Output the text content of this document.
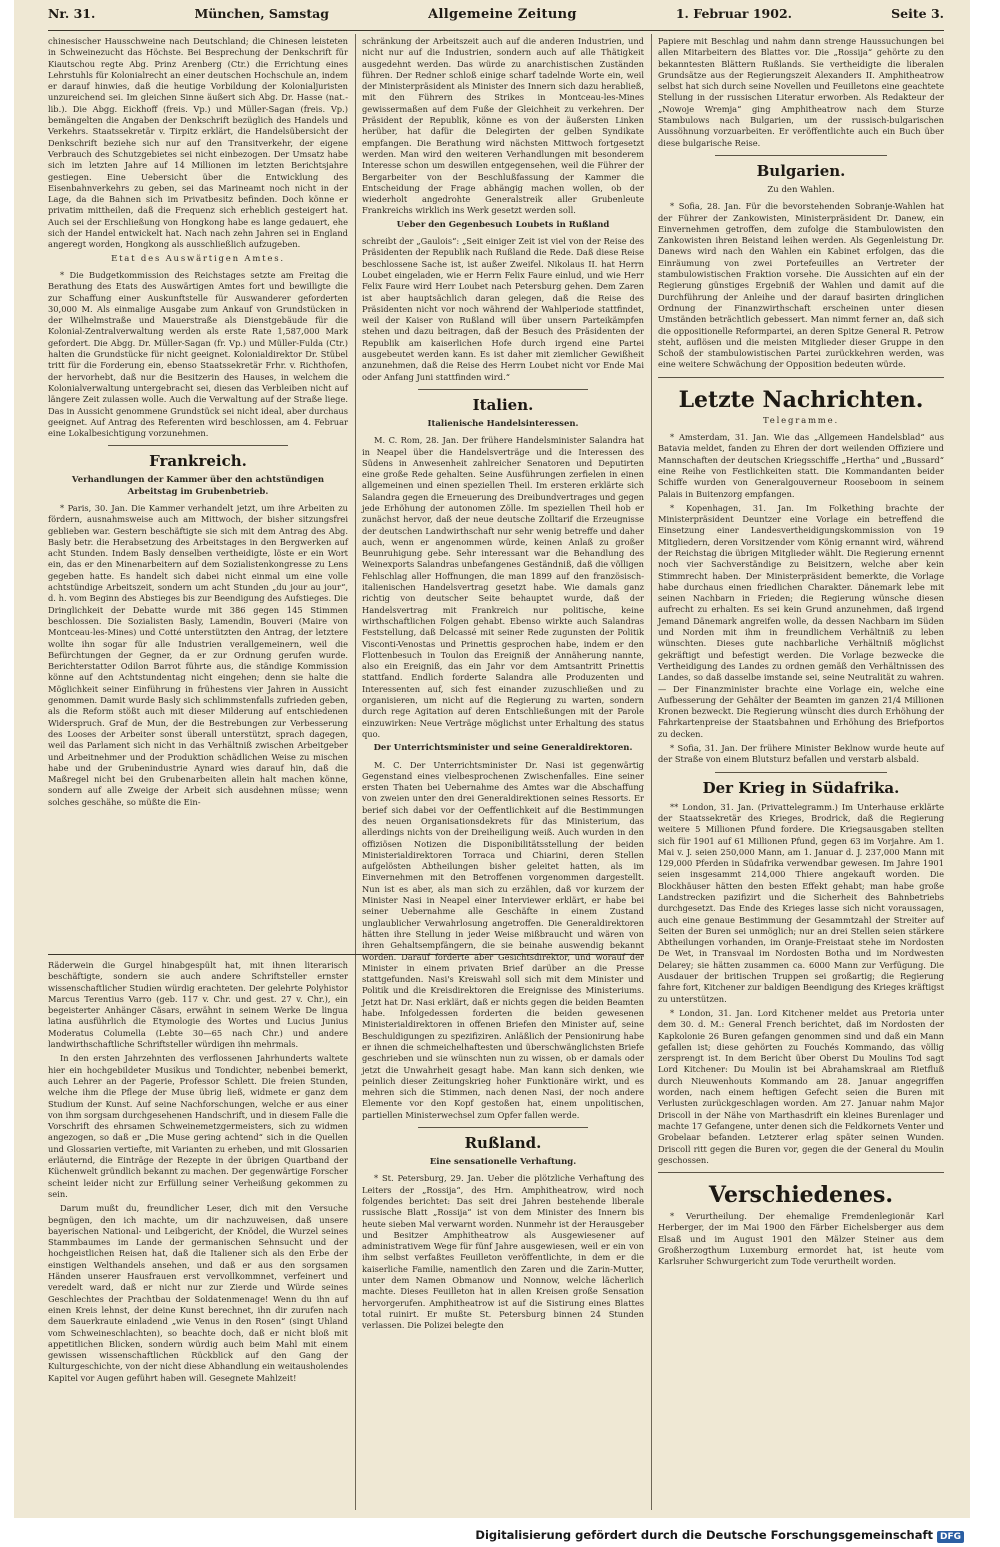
Nr. 31.	München, Samstag	Allgemeine Zeitung	1. Februar 1902.	Seite 3.

chinesischer Hausschweine nach Deutschland; die Chinesen leisteten in Schweinezucht das Höchste. Bei Besprechung der Denkschrift für Kiautschou regte Abg. Prinz Arenberg (Ctr.) die Errichtung eines Lehrstuhls für Kolonialrecht an einer deutschen Hochschule an, indem er darauf hinwies, daß die heutige Vorbildung der Kolonialjuristen unzureichend sei. Im gleichen Sinne äußert sich Abg. Dr. Hasse (nat.-lib.). Die Abgg. Eickhoff (freis. Vp.) und Müller-Sagan (freis. Vp.) bemängelten die Angaben der Denkschrift bezüglich des Handels und Verkehrs. Staatssekretär v. Tirpitz erklärt, die Handelsübersicht der Denkschrift beziehe sich nur auf den Transitverkehr, der eigene Verbrauch des Schutzgebietes sei nicht einbezogen. Der Umsatz habe sich im letzten Jahre auf 14 Millionen im letzten Berichtsjahre gestiegen. Eine Uebersicht über die Entwicklung des Eisenbahnverkehrs zu geben, sei das Marineamt noch nicht in der Lage, da die Bahnen sich im Privatbesitz befinden. Doch könne er privatim mittheilen, daß die Frequenz sich erheblich gesteigert hat. Auch sei der Erschließung von Hongkong habe es lange gedauert, ehe sich der Handel entwickelt hat. Nach nach zehn Jahren sei in England angeregt worden, Hongkong als ausschließlich aufzugeben.

Etat des Auswärtigen Amtes.

* Die Budgetkommission des Reichstages setzte am Freitag die Berathung des Etats des Auswärtigen Amtes fort und bewilligte die zur Schaffung einer Auskunftstelle für Auswanderer geforderten 30,000 M. Als einmalige Ausgabe zum Ankauf von Grundstücken in der Wilhelmstraße und Mauerstraße als Dienstgebäude für die Kolonial-Zentralverwaltung werden als erste Rate 1,587,000 Mark gefordert. Die Abgg. Dr. Müller-Sagan (fr. Vp.) und Müller-Fulda (Ctr.) halten die Grundstücke für nicht geeignet. Kolonialdirektor Dr. Stübel tritt für die Forderung ein, ebenso Staatssekretär Frhr. v. Richthofen, der hervorhebt, daß nur die Besitzerin des Hauses, in welchem die Kolonialverwaltung untergebracht sei, diesen das Verbleiben nicht auf längere Zeit zulassen wolle. Auch die Verwaltung auf der Straße liege. Das in Aussicht genommene Grundstück sei nicht ideal, aber durchaus geeignet. Auf Antrag des Referenten wird beschlossen, am 4. Februar eine Lokalbesichtigung vorzunehmen.

Frankreich.
Verhandlungen der Kammer über den achtstündigen Arbeitstag im Grubenbetrieb.

* Paris, 30. Jan. Die Kammer verhandelt jetzt, um ihre Arbeiten zu fördern, ausnahmsweise auch am Mittwoch, der bisher sitzungsfrei geblieben war. Gestern beschäftigte sie sich mit dem Antrag des Abg. Basly betr. die Herabsetzung des Arbeitstages in den Bergwerken auf acht Stunden. Indem Basly denselben vertheidigte, löste er ein Wort ein, das er den Minenarbeitern auf dem Sozialistenkongresse zu Lens gegeben hatte. Es handelt sich dabei nicht einmal um eine volle achtstündige Arbeitszeit, sondern um acht Stunden „du jour au jour“, d. h. vom Beginn des Abstieges bis zur Beendigung des Aufstieges. Die Dringlichkeit der Debatte wurde mit 386 gegen 145 Stimmen beschlossen. Die Sozialisten Basly, Lamendin, Bouveri (Maire von Montceau-les-Mines) und Cotté unterstützten den Antrag, der letztere wollte ihn sogar für alle Industrien verallgemeinern, weil die Befürchtungen der Gegner, da er zur Ordnung gerufen wurde. Berichterstatter Odilon Barrot führte aus, die ständige Kommission könne auf den Achtstundentag nicht eingehen; denn sie halte die Möglichkeit seiner Einführung in frühestens vier Jahren in Aussicht genommen. Damit wurde Basly sich schlimmstenfalls zufrieden geben, als die Reform stößt auch mit dieser Milderung auf entschiedenen Widerspruch. Graf de Mun, der die Bestrebungen zur Verbesserung des Looses der Arbeiter sonst überall unterstützt, sprach dagegen, weil das Parlament sich nicht in das Verhältniß zwischen Arbeitgeber und Arbeitnehmer und der Produktion schädlichen Weise zu mischen habe und der Grubenindustrie Aynard wies darauf hin, daß die Maßregel nicht bei den Grubenarbeiten allein halt machen könne, sondern auf alle Zweige der Arbeit sich ausdehnen müsse; wenn solches geschähe, so müßte die Ein-

schränkung der Arbeitszeit auch auf die anderen Industrien, und nicht nur auf die Industrien, sondern auch auf alle Thätigkeit ausgedehnt werden. Das würde zu anarchistischen Zuständen führen. Der Redner schloß einige scharf tadelnde Worte ein, weil der Ministerpräsident als Minister des Innern sich dazu herabließ, mit den Führern des Strikes in Montceau-les-Mines gewissermaßen auf dem Fuße der Gleichheit zu verkehren. Der Präsident der Republik, könne es von der äußersten Linken herüber, hat dafür die Delegirten der gelben Syndikate empfangen. Die Berathung wird nächsten Mittwoch fortgesetzt werden. Man wird den weiteren Verhandlungen mit besonderem Interesse schon um deswillen entgegensehen, weil die Führer der Bergarbeiter von der Beschlußfassung der Kammer die Entscheidung der Frage abhängig machen wollen, ob der wiederholt angedrohte Generalstreik aller Grubenleute Frankreichs wirklich ins Werk gesetzt werden soll.

Ueber den Gegenbesuch Loubets in Rußland

schreibt der „Gaulois“: „Seit einiger Zeit ist viel von der Reise des Präsidenten der Republik nach Rußland die Rede. Daß diese Reise beschlossene Sache ist, ist außer Zweifel. Nikolaus II. hat Herrn Loubet eingeladen, wie er Herrn Felix Faure einlud, und wie Herr Felix Faure wird Herr Loubet nach Petersburg gehen. Dem Zaren ist aber hauptsächlich daran gelegen, daß die Reise des Präsidenten nicht vor noch während der Wahlperiode stattfindet, weil der Kaiser von Rußland will über unsern Parteikämpfen stehen und dazu beitragen, daß der Besuch des Präsidenten der Republik am kaiserlichen Hofe durch irgend eine Partei ausgebeutet werden kann. Es ist daher mit ziemlicher Gewißheit anzunehmen, daß die Reise des Herrn Loubet nicht vor Ende Mai oder Anfang Juni stattfinden wird.“

Italien.
Italienische Handelsinteressen.

M. C. Rom, 28. Jan. Der frühere Handelsminister Salandra hat in Neapel über die Handelsverträge und die Interessen des Südens in Anwesenheit zahlreicher Senatoren und Deputirten eine große Rede gehalten. Seine Ausführungen zerfielen in einen allgemeinen und einen speziellen Theil. Im ersteren erklärte sich Salandra gegen die Erneuerung des Dreibundvertrages und gegen jede Erhöhung der autonomen Zölle. Im speziellen Theil hob er zunächst hervor, daß der neue deutsche Zolltarif die Erzeugnisse der deutschen Landwirthschaft nur sehr wenig betreffe und daher auch, wenn er angenommen würde, keinen Anlaß zu großer Beunruhigung gebe. Sehr interessant war die Behandlung des Weinexports Salandras unbefangenes Geständniß, daß die völligen Fehlschlag aller Hoffnungen, die man 1899 auf den französisch-italienischen Handelsvertrag gesetzt habe. Wie damals ganz richtig von deutscher Seite behauptet wurde, daß der Handelsvertrag mit Frankreich nur politische, keine wirthschaftlichen Folgen gehabt. Ebenso wirkte auch Salandras Feststellung, daß Delcassé mit seiner Rede zugunsten der Politik Visconti-Venostas und Prinettis gesprochen habe, indem er den Flottenbesuch in Toulon das Ereigniß der Annäherung nannte, also ein Ereigniß, das ein Jahr vor dem Amtsantritt Prinettis stattfand. Endlich forderte Salandra alle Produzenten und Interessenten auf, sich fest einander zuzuschließen und zu organisieren, um nicht auf die Regierung zu warten, sondern durch rege Agitation auf deren Entschließungen mit der Parole einzuwirken: Neue Verträge möglichst unter Erhaltung des status quo.

Der Unterrichtsminister und seine Generaldirektoren.

M. C. Der Unterrichtsminister Dr. Nasi ist gegenwärtig Gegenstand eines vielbesprochenen Zwischenfalles. Eine seiner ersten Thaten bei Uebernahme des Amtes war die Abschaffung von zweien unter den drei Generaldirektionen seines Ressorts. Er berief sich dabei vor der Oeffentlichkeit auf die Bestimmungen des neuen Organisationsdekrets für das Ministerium, das allerdings nichts von der Dreiheiligung weiß. Auch wurden in den offiziösen Notizen die Disponibilitätsstellung der beiden Ministerialdirektoren Torraca und Chiarini, deren Stellen aufgelösten Abtheilungen bisher geleitet hatten, als im Einvernehmen mit den Betroffenen vorgenommen dargestellt. Nun ist es aber, als man sich zu erzählen, daß vor kurzem der Minister Nasi in Neapel einer Interviewer erklärt, er habe bei seiner Uebernahme alle Geschäfte in einem Zustand unglaublicher Verwahrlosung angetroffen. Die Generaldirektoren hätten ihre Stellung in jeder Weise mißbraucht und wären von ihren Gehaltsempfängern, die sie beinahe auswendig bekannt worden. Darauf forderte aber Gesichtsdirektor, und worauf der Minister in einem privaten Brief darüber an die Presse stattgefunden. Nasi's Kreiswahl soll sich mit dem Minister und Politik und die Kreisdirektoren die Ereignisse des Ministeriums. Jetzt hat Dr. Nasi erklärt, daß er nichts gegen die beiden Beamten habe. Infolgedessen forderten die beiden gewesenen Ministerialdirektoren in offenen Briefen den Minister auf, seine Beschuldigungen zu spezifiziren. Anläßlich der Pensionirung habe er ihnen die schmeichelhaftesten und überschwänglichsten Briefe geschrieben und sie wünschten nun zu wissen, ob er damals oder jetzt die Unwahrheit gesagt habe. Man kann sich denken, wie peinlich dieser Zeitungskrieg hoher Funktionäre wirkt, und es mehren sich die Stimmen, nach denen Nasi, der noch andere Elemente vor den Kopf gestoßen hat, einem unpolitischen, partiellen Ministerwechsel zum Opfer fallen werde.

Rußland.
Eine sensationelle Verhaftung.

* St. Petersburg, 29. Jan. Ueber die plötzliche Verhaftung des Leiters der „Rossija“, des Hrn. Amphitheatrow, wird noch folgendes berichtet: Das seit drei Jahren bestehende liberale russische Blatt „Rossija“ ist von dem Minister des Innern bis heute sieben Mal verwarnt worden. Nunmehr ist der Herausgeber und Besitzer Amphitheatrow als Ausgewiesener auf administrativem Wege für fünf Jahre ausgewiesen, weil er ein von ihm selbst verfaßtes Feuilleton veröffentlichte, in dem er die kaiserliche Familie, namentlich den Zaren und die Zarin-Mutter, unter dem Namen Obmanow und Nonnow, welche lächerlich machte. Dieses Feuilleton hat in allen Kreisen große Sensation hervorgerufen. Amphitheatrow ist auf die Sistirung eines Blattes total ruinirt. Er mußte St. Petersburg binnen 24 Stunden verlassen. Die Polizei belegte den

Papiere mit Beschlag und nahm dann strenge Haussuchungen bei allen Mitarbeitern des Blattes vor. Die „Rossija“ gehörte zu den bekanntesten Blättern Rußlands. Sie vertheidigte die liberalen Grundsätze aus der Regierungszeit Alexanders II. Amphitheatrow selbst hat sich durch seine Novellen und Feuilletons eine geachtete Stellung in der russischen Literatur erworben. Als Redakteur der „Nowoje Wremja“ ging Amphitheatrow nach dem Sturze Stambulows nach Bulgarien, um der russisch-bulgarischen Aussöhnung vorzuarbeiten. Er veröffentlichte auch ein Buch über diese bulgarische Reise.

Bulgarien.
Zu den Wahlen.

* Sofia, 28. Jan. Für die bevorstehenden Sobranje-Wahlen hat der Führer der Zankowisten, Ministerpräsident Dr. Danew, ein Einvernehmen getroffen, dem zufolge die Stambulowisten den Zankowisten ihren Beistand leihen werden. Als Gegenleistung Dr. Danews wird nach den Wahlen ein Kabinet erfolgen, das die Einräumung von zwei Portefeuilles an Vertreter der stambulowistischen Fraktion vorsehe. Die Aussichten auf ein der Regierung günstiges Ergebniß der Wahlen und damit auf die Durchführung der Anleihe und der darauf basirten dringlichen Ordnung der Finanzwirthschaft erscheinen unter diesen Umständen beträchtlich gebessert. Man nimmt ferner an, daß sich die oppositionelle Reformpartei, an deren Spitze General R. Petrow steht, auflösen und die meisten Mitglieder dieser Gruppe in den Schoß der stambulowistischen Partei zurückkehren werden, was eine weitere Schwächung der Opposition bedeuten würde.

Letzte Nachrichten.
Telegramme.

* Amsterdam, 31. Jan. Wie das „Allgemeen Handelsblad“ aus Batavia meldet, fanden zu Ehren der dort weilenden Offiziere und Mannschaften der deutschen Kriegsschiffe „Hertha“ und „Bussard“ eine Reihe von Festlichkeiten statt. Die Kommandanten beider Schiffe wurden von Generalgouverneur Rooseboom in seinem Palais in Buitenzorg empfangen.

* Kopenhagen, 31. Jan. Im Folkething brachte der Ministerpräsident Deuntzer eine Vorlage ein betreffend die Einsetzung einer Landesvertheidigungskommission von 19 Mitgliedern, deren Vorsitzender vom König ernannt wird, während der Reichstag die übrigen Mitglieder wählt. Die Regierung ernennt noch vier Sachverständige zu Beisitzern, welche aber kein Stimmrecht haben. Der Ministerpräsident bemerkte, die Vorlage habe durchaus einen friedlichen Charakter. Dänemark lebe mit seinen Nachbarn in Frieden; die Regierung wünsche diesen aufrecht zu erhalten. Es sei kein Grund anzunehmen, daß irgend Jemand Dänemark angreifen wolle, da dessen Nachbarn im Süden und Norden mit ihm in freundlichem Verhältniß zu leben wünschten. Dieses gute nachbarliche Verhältniß möglichst gekräftigt und befestigt werden. Die Vorlage bezwecke die Vertheidigung des Landes zu ordnen gemäß den Verhältnissen des Landes, so daß dasselbe imstande sei, seine Neutralität zu wahren. — Der Finanzminister brachte eine Vorlage ein, welche eine Aufbesserung der Gehälter der Beamten im ganzen 21/4 Millionen Kronen bezweckt. Die Regierung wünscht dies durch Erhöhung der Fahrkartenpreise der Staatsbahnen und Erhöhung des Briefportos zu decken.

* Sofia, 31. Jan. Der frühere Minister Beklnow wurde heute auf der Straße von einem Blutsturz befallen und verstarb alsbald.

Der Krieg in Südafrika.

** London, 31. Jan. (Privattelegramm.) Im Unterhause erklärte der Staatssekretär des Krieges, Brodrick, daß die Regierung weitere 5 Millionen Pfund fordere. Die Kriegsausgaben stellten sich für 1901 auf 61 Millionen Pfund, gegen 63 im Vorjahre. Am 1. Mai v. J. seien 250,000 Mann, am 1. Januar d. J. 237,000 Mann mit 129,000 Pferden in Südafrika verwendbar gewesen. Im Jahre 1901 seien insgesammt 214,000 Thiere angekauft worden. Die Blockhäuser hätten den besten Effekt gehabt; man habe große Landstrecken pazifizirt und die Sicherheit des Bahnbetriebs durchgesetzt. Das Ende des Krieges lasse sich nicht voraussagen, auch eine genaue Bestimmung der Gesammtzahl der Streiter auf Seiten der Buren sei unmöglich; nur an drei Stellen seien stärkere Abtheilungen vorhanden, im Oranje-Freistaat stehe im Nordosten De Wet, in Transvaal im Nordosten Botha und im Nordwesten Delarey; sie hätten zusammen ca. 6000 Mann zur Verfügung. Die Ausdauer der britischen Truppen sei großartig; die Regierung fahre fort, Kitchener zur baldigen Beendigung des Krieges kräftigst zu unterstützen.

* London, 31. Jan. Lord Kitchener meldet aus Pretoria unter dem 30. d. M.: General French berichtet, daß im Nordosten der Kapkolonie 26 Buren gefangen genommen sind und daß ein Mann gefallen ist; diese gehörten zu Fouchés Kommando, das völlig zersprengt ist. In dem Bericht über Oberst Du Moulins Tod sagt Lord Kitchener: Du Moulin ist bei Abrahamskraal am Rietfluß durch Nieuwenhouts Kommando am 28. Januar angegriffen worden, nach einem heftigen Gefecht seien die Buren mit Verlusten zurückgeschlagen worden. Am 27. Januar nahm Major Driscoll in der Nähe von Marthasdrift ein kleines Burenlager und machte 17 Gefangene, unter denen sich die Feldkornets Venter und Grobelaar befanden. Letzterer erlag später seinen Wunden. Driscoll ritt gegen die Buren vor, gegen die der General du Moulin geschossen.

Verschiedenes.

* Verurtheilung. Der ehemalige Fremdenlegionär Karl Herberger, der im Mai 1900 den Färber Eichelsberger aus dem Elsaß und im August 1901 den Mälzer Steiner aus dem Großherzogthum Luxemburg ermordet hat, ist heute vom Karlsruher Schwurgericht zum Tode verurtheilt worden.

Räderwein die Gurgel hinabgespült hat, mit ihnen literarisch beschäftigte, sondern sie auch andere Schriftsteller ernster wissenschaftlicher Studien würdig erachteten. Der gelehrte Polyhistor Marcus Terentius Varro (geb. 117 v. Chr. und gest. 27 v. Chr.), ein begeisterter Anhänger Cäsars, erwähnt in seinem Werke De lingua latina ausführlich die Etymologie des Wortes und Lucius Junius Moderatus Columella (Lebte 30—65 nach Chr.) und andere landwirthschaftliche Schriftsteller würdigen ihn mehrmals.

In den ersten Jahrzehnten des verflossenen Jahrhunderts waltete hier ein hochgebildeter Musikus und Tondichter, nebenbei bemerkt, auch Lehrer an der Pagerie, Professor Schlett. Die freien Stunden, welche ihm die Pflege der Muse übrig ließ, widmete er ganz dem Studium der Kunst. Auf seine Nachforschungen, welche er aus einer von ihm sorgsam durchgesehenen Handschrift, und in diesem Falle die Vorschrift des ehrsamen Schweinemetzgermeisters, sich zu widmen angezogen, so daß er „Die Muse gering achtend“ sich in die Quellen und Glossarien vertiefte, mit Varianten zu erheben, und mit Glossarien erläuternd, die Einträge der Rezepte in der übrigen Quartband der Küchenwelt gründlich bekannt zu machen. Der gegenwärtige Forscher scheint leider nicht zur Erfüllung seiner Verheißung gekommen zu sein.

Darum mußt du, freundlicher Leser, dich mit den Versuche begnügen, den ich machte, um dir nachzuweisen, daß unsere bayerischen National- und Leibgericht, der Knödel, die Wurzel seines Stammbaumes im Lande der germanischen Sehnsucht und der hochgeistlichen Reisen hat, daß die Italiener sich als den Erbe der einstigen Welthandels ansehen, und daß er aus den sorgsamen Händen unserer Hausfrauen erst vervollkommnet, verfeinert und veredelt ward, daß er nicht nur zur Zierde und Würde seines Geschlechtes der Prachtbau der Soldatenmenage! Wenn du ihn auf einen Kreis lehnst, der deine Kunst berechnet, ihn dir zurufen nach dem Sauerkraute einladend „wie Venus in den Rosen“ (singt Uhland vom Schweineschlachten), so beachte doch, daß er nicht bloß mit appetitlichen Blicken, sondern würdig auch beim Mahl mit einem gewissen wissenschaftlichen Rückblick auf den Gang der Kulturgeschichte, von der nicht diese Abhandlung ein weitausholendes Kapitel vor Augen geführt haben will. Gesegnete Mahlzeit!

Digitalisierung gefördert durch die Deutsche Forschungsgemeinschaft DFG
